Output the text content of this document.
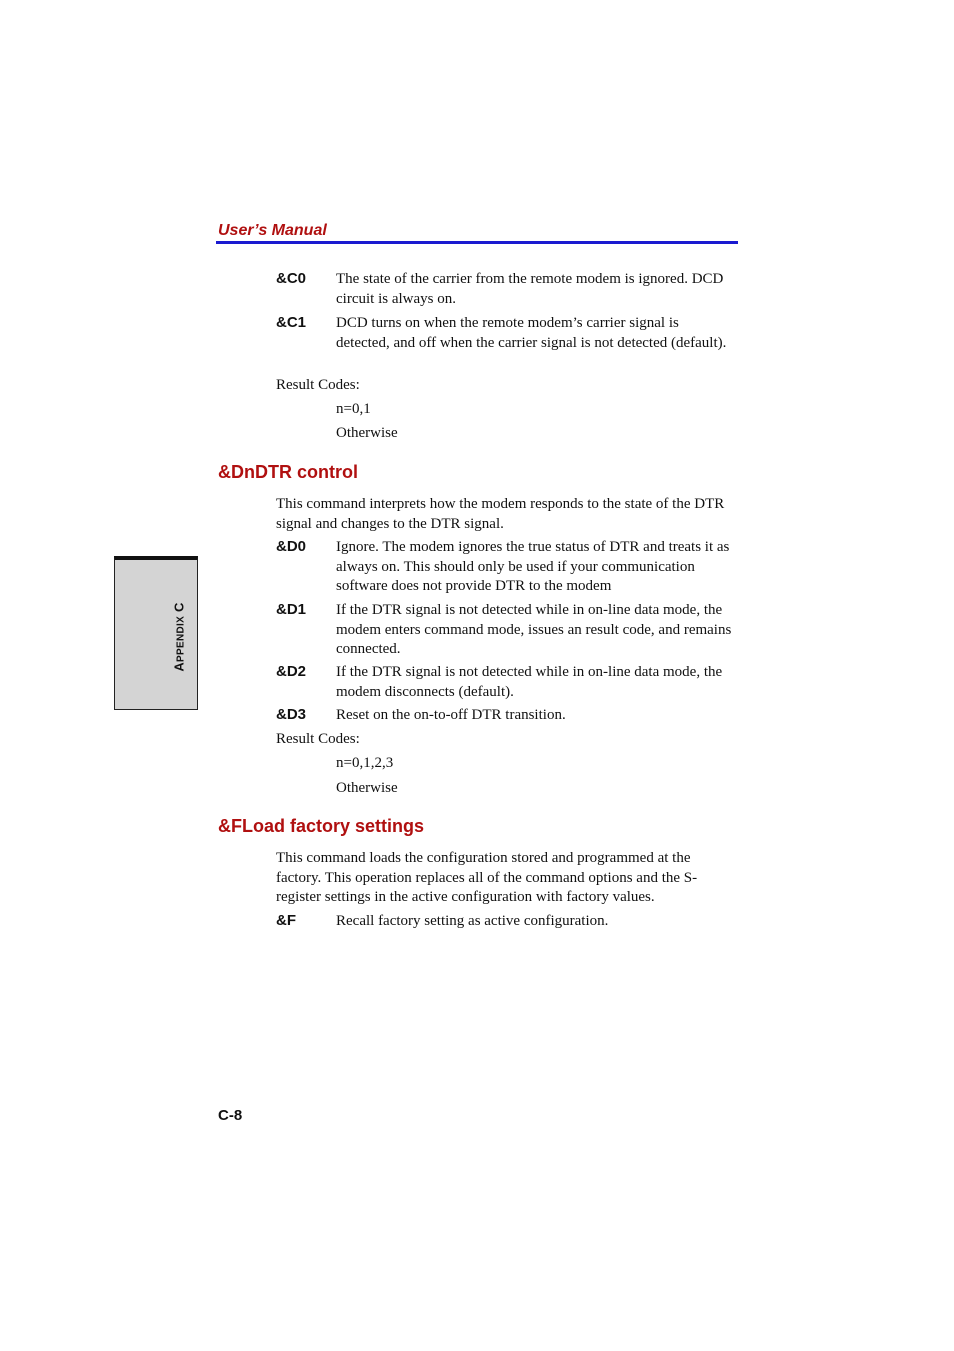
User’s Manual
APPENDIX C
&C0 The state of the carrier from the remote modem is ignored. DCD circuit is always on.
&C1 DCD turns on when the remote modem’s carrier signal is detected, and off when the carrier signal is not detected (default).
Result Codes:
n=0,1
Otherwise
&DnDTR control
This command interprets how the modem responds to the state of the DTR signal and changes to the DTR signal.
&D0 Ignore. The modem ignores the true status of DTR and treats it as always on. This should only be used if your communication software does not provide DTR to the modem
&D1 If the DTR signal is not detected while in on-line data mode, the modem enters command mode, issues an result code, and remains connected.
&D2 If the DTR signal is not detected while in on-line data mode, the modem disconnects (default).
&D3 Reset on the on-to-off DTR transition.
Result Codes:
n=0,1,2,3
Otherwise
&FLoad factory settings
This command loads the configuration stored and programmed at the factory. This operation replaces all of the command options and the S-register settings in the active configuration with factory values.
&F	Recall factory setting as active configuration.
C-8
